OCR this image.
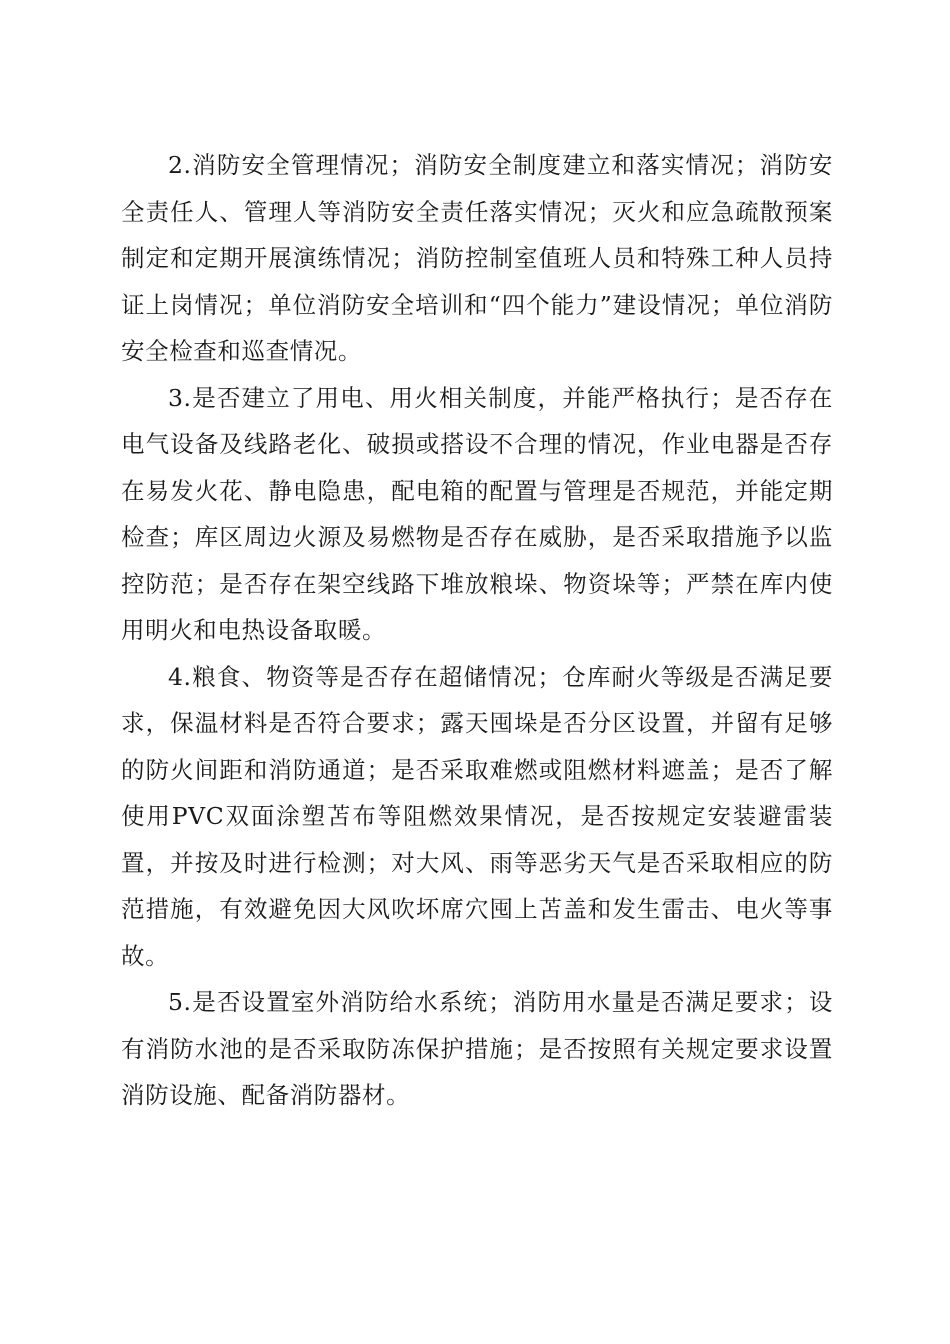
2.消防安全管理情况；消防安全制度建立和落实情况；消防安全责任人、管理人等消防安全责任落实情况；灭火和应急疏散预案制定和定期开展演练情况；消防控制室值班人员和特殊工种人员持证上岗情况；单位消防安全培训和“四个能力”建设情况；单位消防安全检查和巡查情况。

3.是否建立了用电、用火相关制度，并能严格执行；是否存在电气设备及线路老化、破损或搭设不合理的情况，作业电器是否存在易发火花、静电隐患，配电箱的配置与管理是否规范，并能定期检查；库区周边火源及易燃物是否存在威胁，是否采取措施予以监控防范；是否存在架空线路下堆放粮垛、物资垛等；严禁在库内使用明火和电热设备取暖。

4.粮食、物资等是否存在超储情况；仓库耐火等级是否满足要求，保温材料是否符合要求；露天囤垛是否分区设置，并留有足够的防火间距和消防通道；是否采取难燃或阻燃材料遮盖；是否了解使用PVC双面涂塑苫布等阻燃效果情况，是否按规定安装避雷装置，并按及时进行检测；对大风、雨等恶劣天气是否采取相应的防范措施，有效避免因大风吹坏席穴囤上苫盖和发生雷击、电火等事故。

5.是否设置室外消防给水系统；消防用水量是否满足要求；设有消防水池的是否采取防冻保护措施；是否按照有关规定要求设置消防设施、配备消防器材。
